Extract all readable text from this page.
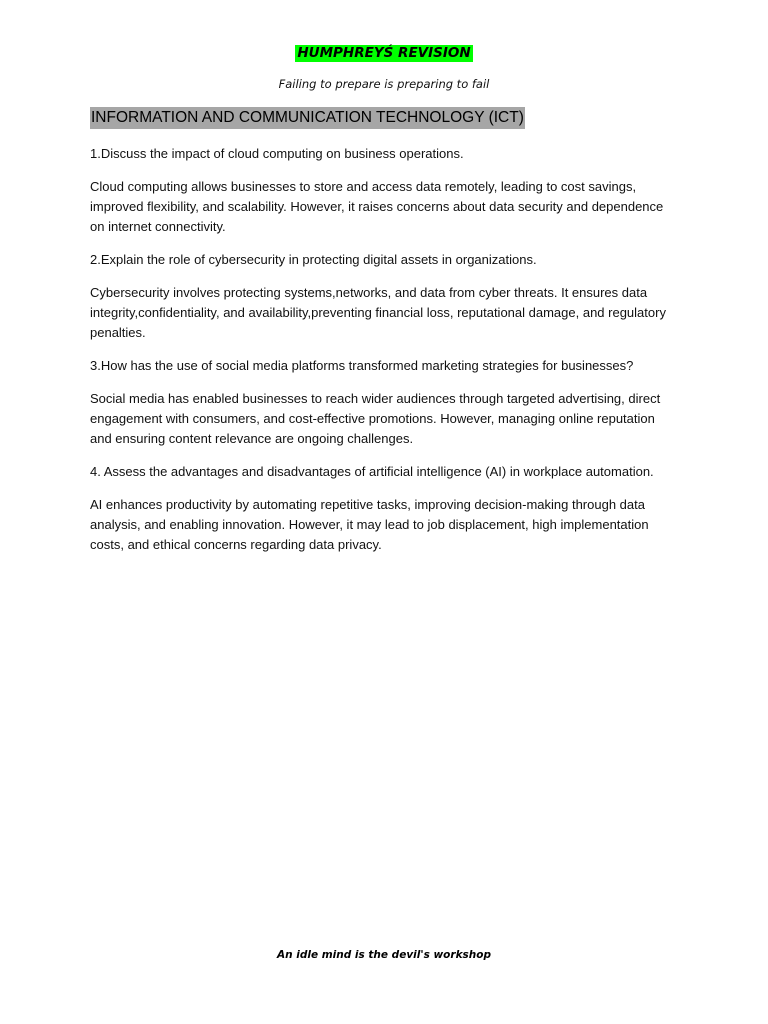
HUMPHREYŚ REVISION
Failing to prepare is preparing to fail
INFORMATION AND COMMUNICATION TECHNOLOGY (ICT)

1.Discuss the impact of cloud computing on business operations.

Cloud computing allows businesses to store and access data remotely, leading to cost savings, improved flexibility, and scalability. However, it raises concerns about data security and dependence on internet connectivity.

2.Explain the role of cybersecurity in protecting digital assets in organizations.

Cybersecurity involves protecting systems,networks, and data from cyber threats. It ensures data integrity,confidentiality, and availability,preventing financial loss, reputational damage, and regulatory penalties.

3.How has the use of social media platforms transformed marketing strategies for businesses?

Social media has enabled businesses to reach wider audiences through targeted advertising, direct engagement with consumers, and cost-effective promotions. However, managing online reputation and ensuring content relevance are ongoing challenges.

4. Assess the advantages and disadvantages of artificial intelligence (AI) in workplace automation.

AI enhances productivity by automating repetitive tasks, improving decision-making through data analysis, and enabling innovation. However, it may lead to job displacement, high implementation costs, and ethical concerns regarding data privacy.

An idle mind is the devil's workshop
